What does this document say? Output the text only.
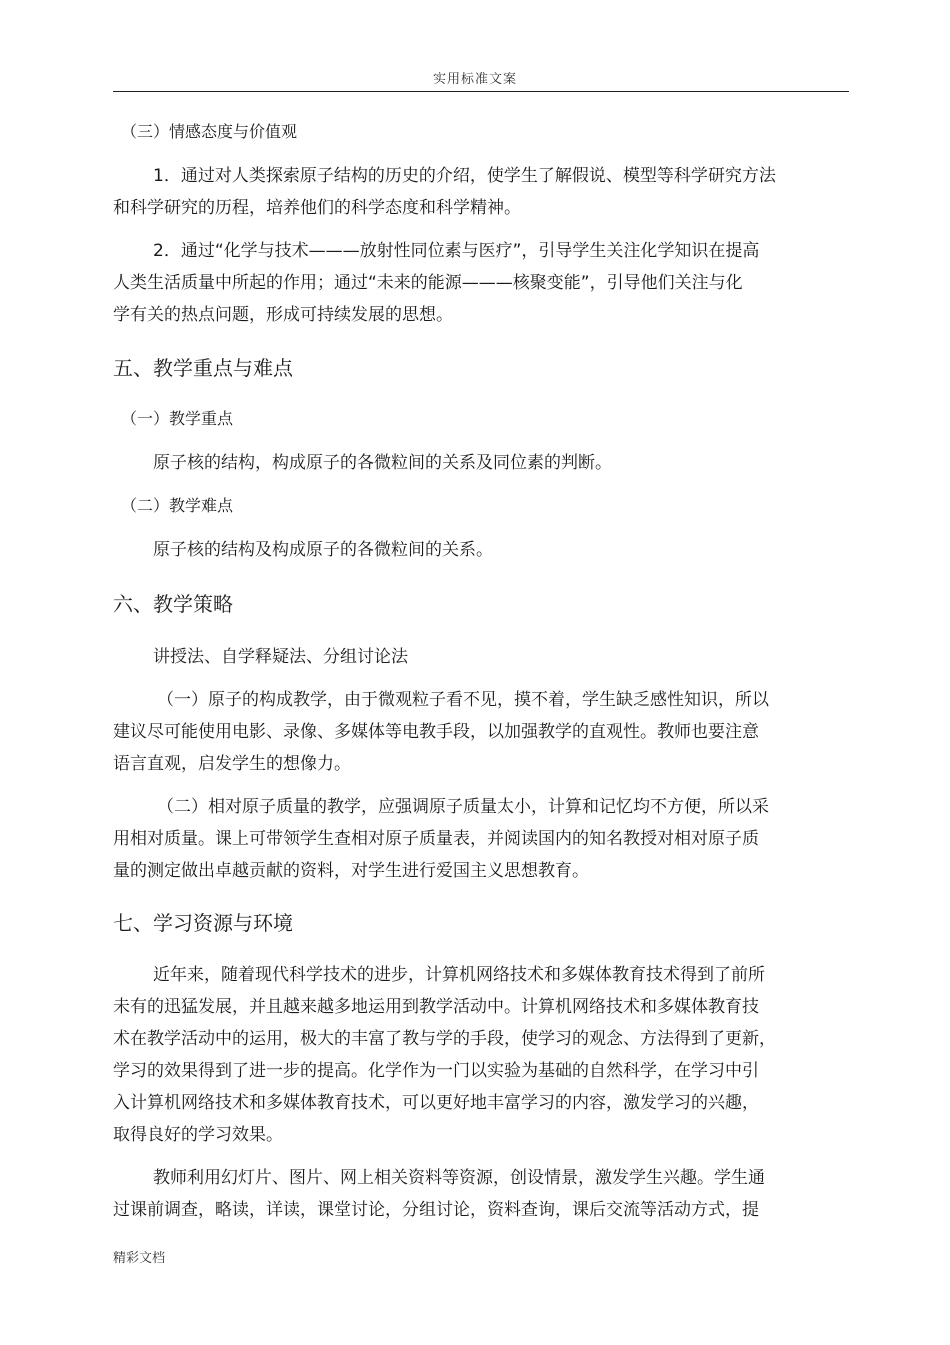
实用标准文案
（三）情感态度与价值观
1．通过对人类探索原子结构的历史的介绍，使学生了解假说、模型等科学研究方法
和科学研究的历程，培养他们的科学态度和科学精神。
2．通过“化学与技术———放射性同位素与医疗”，引导学生关注化学知识在提高
人类生活质量中所起的作用；通过“未来的能源———核聚变能”，引导他们关注与化
学有关的热点问题，形成可持续发展的思想。
五、教学重点与难点
（一）教学重点
原子核的结构，构成原子的各微粒间的关系及同位素的判断。
（二）教学难点
原子核的结构及构成原子的各微粒间的关系。
六、教学策略
讲授法、自学释疑法、分组讨论法
（一）原子的构成教学，由于微观粒子看不见，摸不着，学生缺乏感性知识，所以
建议尽可能使用电影、录像、多媒体等电教手段，以加强教学的直观性。教师也要注意
语言直观，启发学生的想像力。
（二）相对原子质量的教学，应强调原子质量太小，计算和记忆均不方便，所以采
用相对质量。课上可带领学生查相对原子质量表，并阅读国内的知名教授对相对原子质
量的测定做出卓越贡献的资料，对学生进行爱国主义思想教育。
七、学习资源与环境
近年来，随着现代科学技术的进步，计算机网络技术和多媒体教育技术得到了前所
未有的迅猛发展，并且越来越多地运用到教学活动中。计算机网络技术和多媒体教育技
术在教学活动中的运用，极大的丰富了教与学的手段，使学习的观念、方法得到了更新，
学习的效果得到了进一步的提高。化学作为一门以实验为基础的自然科学，在学习中引
入计算机网络技术和多媒体教育技术，可以更好地丰富学习的内容，激发学习的兴趣，
取得良好的学习效果。
教师利用幻灯片、图片、网上相关资料等资源，创设情景，激发学生兴趣。学生通
过课前调查，略读，详读，课堂讨论，分组讨论，资料查询，课后交流等活动方式，提
精彩文档
